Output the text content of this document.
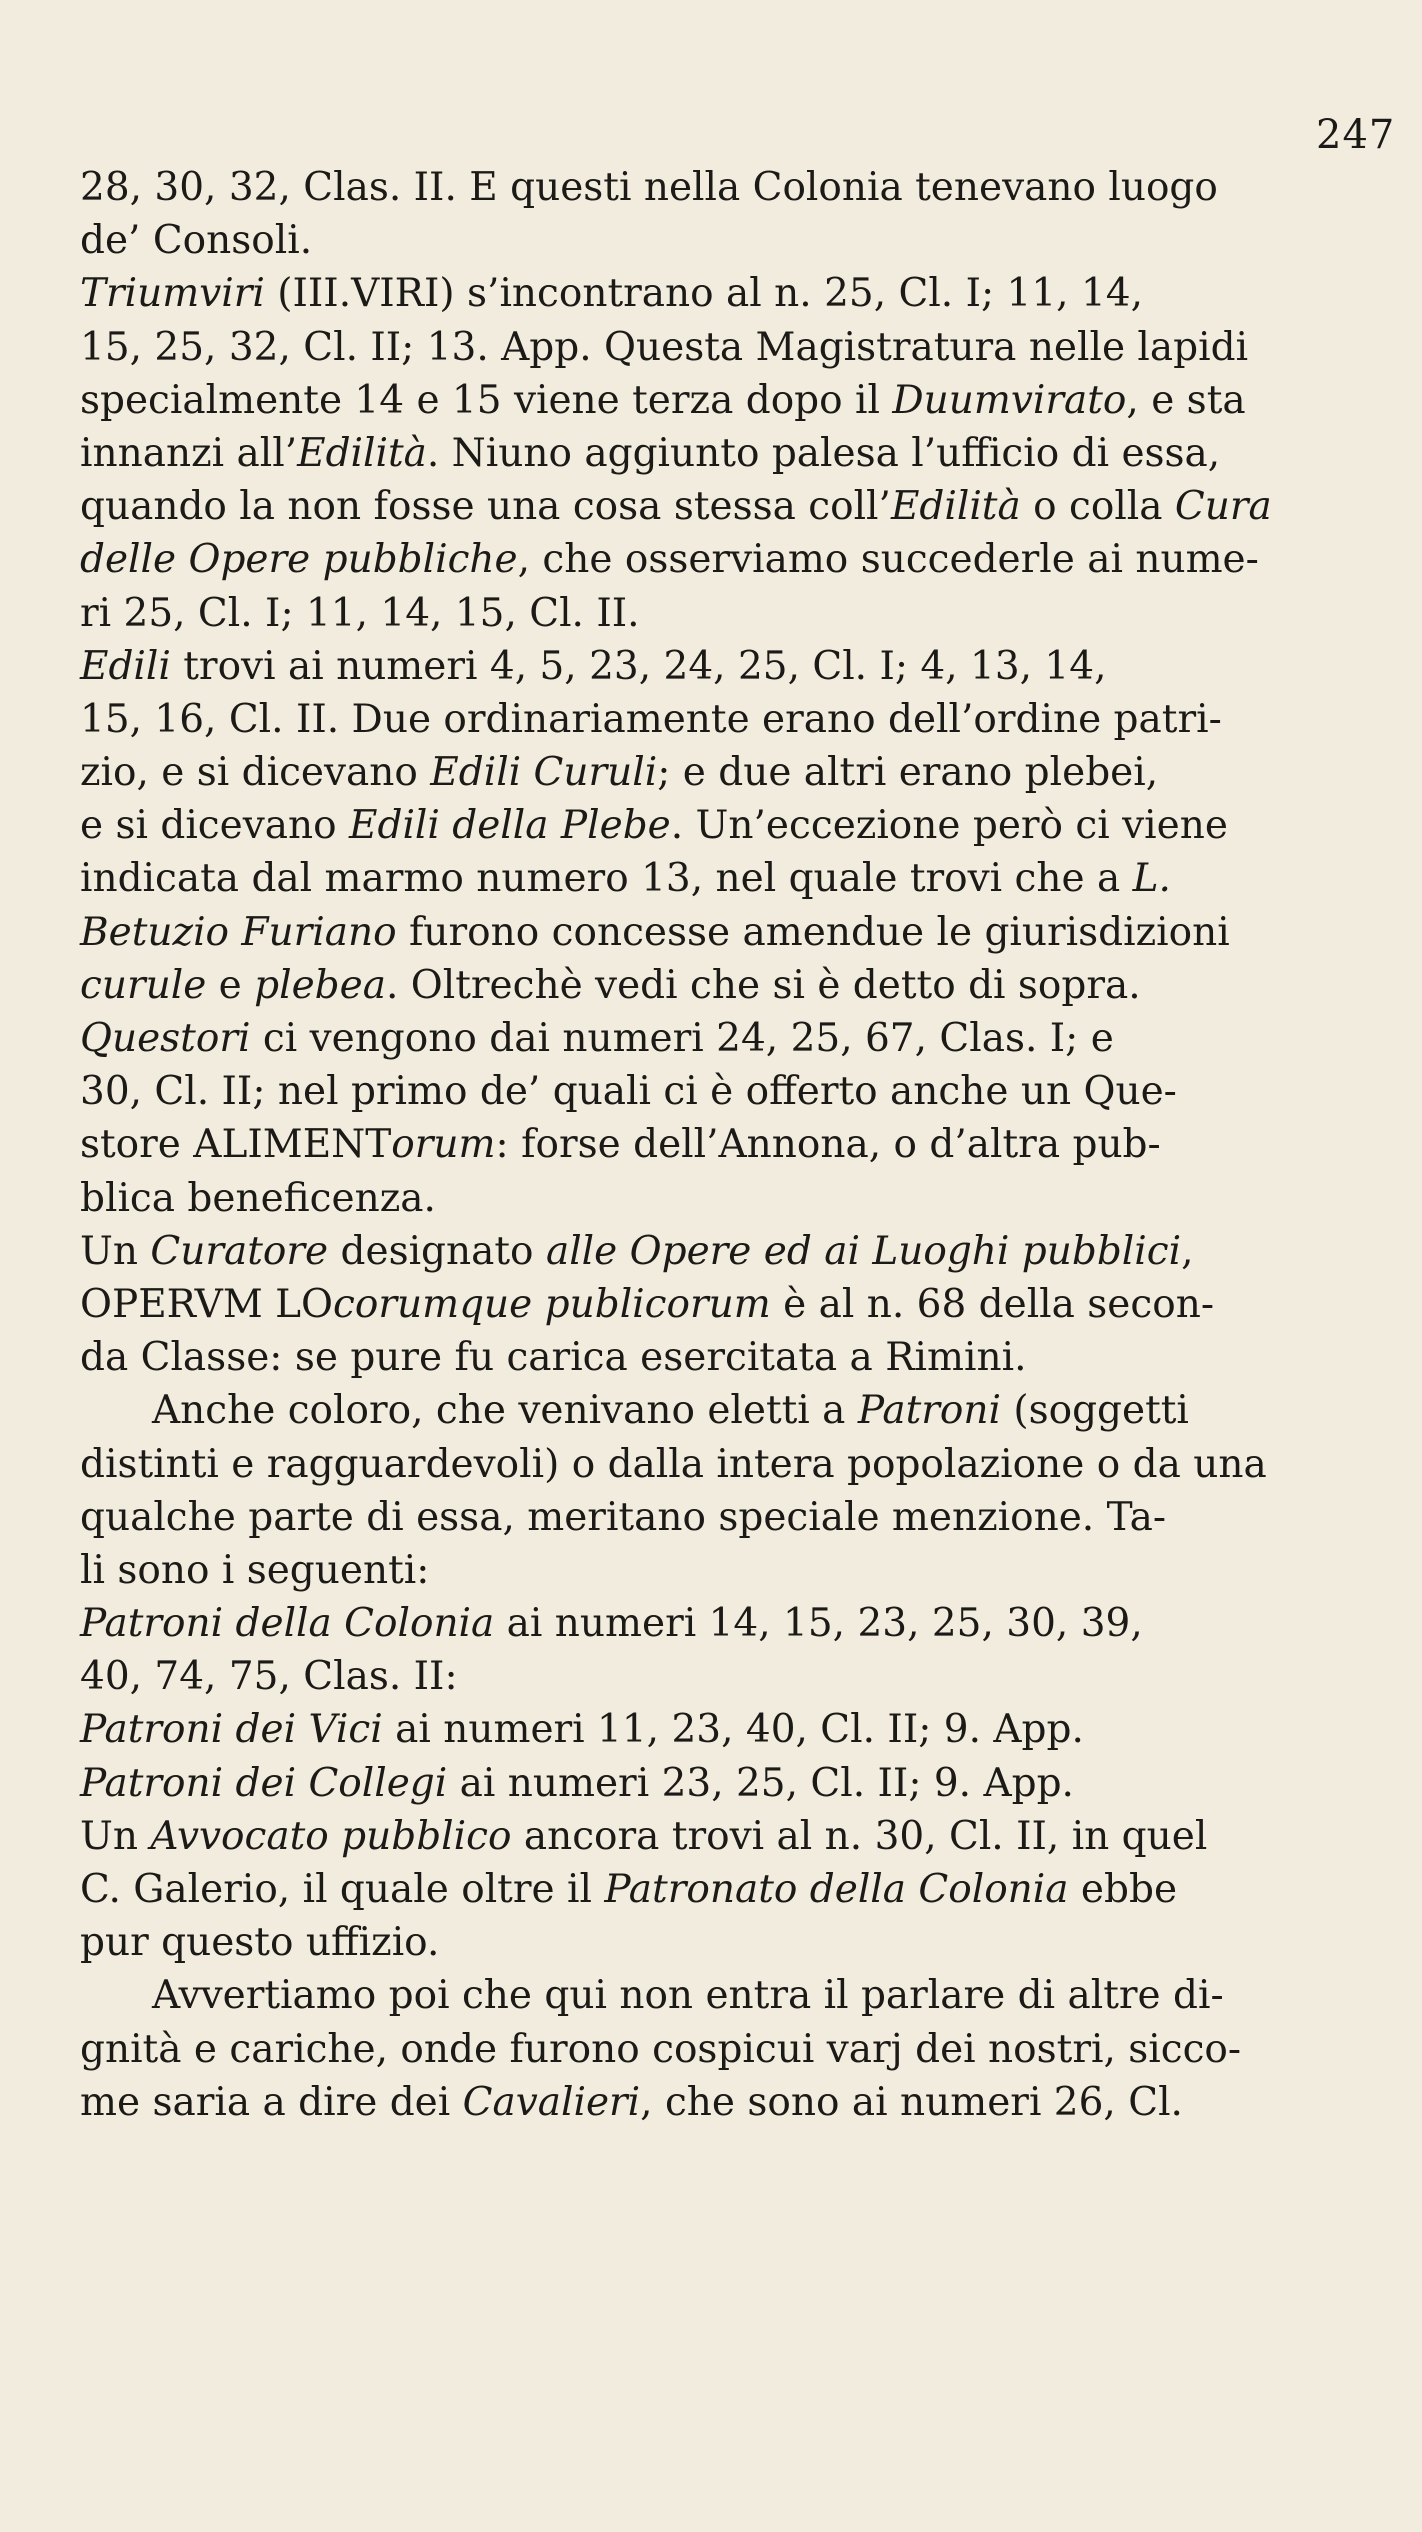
247
28, 30, 32, Clas. II. E questi nella Colonia tenevano luogo
de’ Consoli.
Triumviri (III.VIRI) s’incontrano al n. 25, Cl. I; 11, 14,
15, 25, 32, Cl. II; 13. App. Questa Magistratura nelle lapidi
specialmente 14 e 15 viene terza dopo il Duumvirato, e sta
innanzi all’Edilità. Niuno aggiunto palesa l’ufficio di essa,
quando la non fosse una cosa stessa coll’Edilità o colla Cura
delle Opere pubbliche, che osserviamo succederle ai nume-
ri 25, Cl. I; 11, 14, 15, Cl. II.
Edili trovi ai numeri 4, 5, 23, 24, 25, Cl. I; 4, 13, 14,
15, 16, Cl. II. Due ordinariamente erano dell’ordine patri-
zio, e si dicevano Edili Curuli; e due altri erano plebei,
e si dicevano Edili della Plebe. Un’eccezione però ci viene
indicata dal marmo numero 13, nel quale trovi che a L.
Betuzio Furiano furono concesse amendue le giurisdizioni
curule e plebea. Oltrechè vedi che si è detto di sopra.
Questori ci vengono dai numeri 24, 25, 67, Clas. I; e
30, Cl. II; nel primo de’ quali ci è offerto anche un Que-
store ALIMENTorum: forse dell’Annona, o d’altra pub-
blica beneficenza.
Un Curatore designato alle Opere ed ai Luoghi pubblici,
OPERVM LOcorumque publicorum è al n. 68 della secon-
da Classe: se pure fu carica esercitata a Rimini.
Anche coloro, che venivano eletti a Patroni (soggetti
distinti e ragguardevoli) o dalla intera popolazione o da una
qualche parte di essa, meritano speciale menzione. Ta-
li sono i seguenti:
Patroni della Colonia ai numeri 14, 15, 23, 25, 30, 39,
40, 74, 75, Clas. II:
Patroni dei Vici ai numeri 11, 23, 40, Cl. II; 9. App.
Patroni dei Collegi ai numeri 23, 25, Cl. II; 9. App.
Un Avvocato pubblico ancora trovi al n. 30, Cl. II, in quel
C. Galerio, il quale oltre il Patronato della Colonia ebbe
pur questo uffizio.
Avvertiamo poi che qui non entra il parlare di altre di-
gnità e cariche, onde furono cospicui varj dei nostri, sicco-
me saria a dire dei Cavalieri, che sono ai numeri 26, Cl.
